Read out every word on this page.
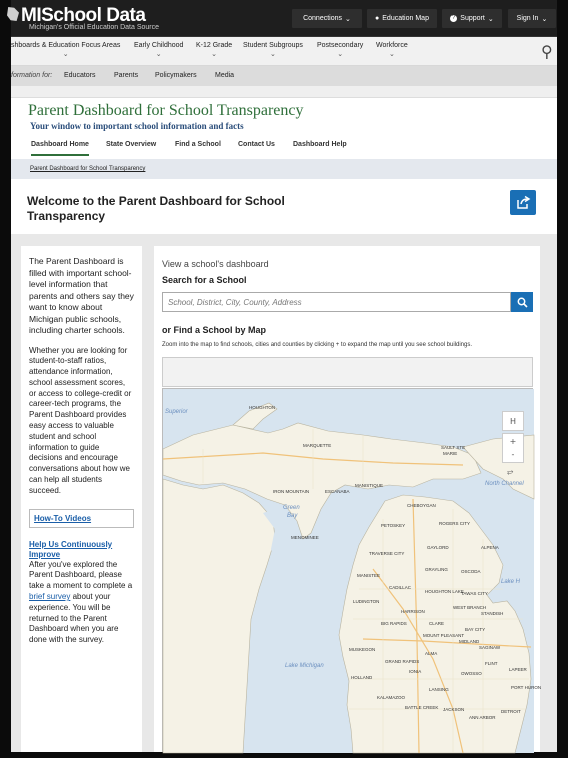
MISchool Data
Michigan's Official Education Data Source
Connections ⌄	● Education Map	? Support ⌄	Sign In ⌄
shboards & Education Focus Areas
⌄
Early Childhood
⌄
K-12 Grade
⌄
Student Subgroups
⌄
Postsecondary
⌄
Workforce
⌄	⚲
formation for: Educators	Parents Policymakers	Media
Parent Dashboard for School Transparency
Your window to important school information and facts
Dashboard Home State Overview	Find a School Contact Us	Dashboard Help
Parent Dashboard for School Transparency
Welcome to the Parent Dashboard for School Transparency

The Parent Dashboard is filled with important school-level information that parents and others say they want to know about Michigan public schools, including charter schools.

Whether you are looking for student-to-staff ratios, attendance information, school assessment scores, or access to college-credit or career-tech programs, the Parent Dashboard provides easy access to valuable student and school information to guide decisions and encourage conversations about how we can help all students succeed.

How-To Videos
Help Us Continuously Improve

After you've explored the Parent Dashboard, please take a moment to complete a brief survey about your experience. You will be returned to the Parent Dashboard when you are done with the survey.

View a school's dashboard
Search for a School
School, District, City, County, Address
or Find a School by Map
Zoom into the map to find schools, cities and counties by clicking + to expand the map until you see school buildings.
Superior
Green
Bay
Lake Michigan
Lake H
North Channel
HOUGHTON
MARQUETTE	SAULT STE
MARIE
IRON MOUNTAIN
MANISTIQUE
ESCANABA
MENOMINEE
CHEBOYGAN
ROGERS CITY
PETOSKEY
GAYLORD	ALPENA
TRAVERSE CITY
GRAYLING	OSCODA
MANISTEE
CADILLAC
HOUGHTON LAKE
TAWAS CITY
WEST BRANCH
LUDINGTON
HARRISON	STANDISH
BIG RAPIDS	CLARE
MOUNT PLEASANT
BAY CITY
MIDLAND
SAGINAW
MUSKEGON
ALMA
GRAND RAPIDS
IONIA	OWOSSO
FLINT
LAPEER
PORT HURON
HOLLAND
LANSING
KALAMAZOO
BATTLE CREEK JACKSON
ANN ARBOR
DETROIT
H
+
-
⥂
